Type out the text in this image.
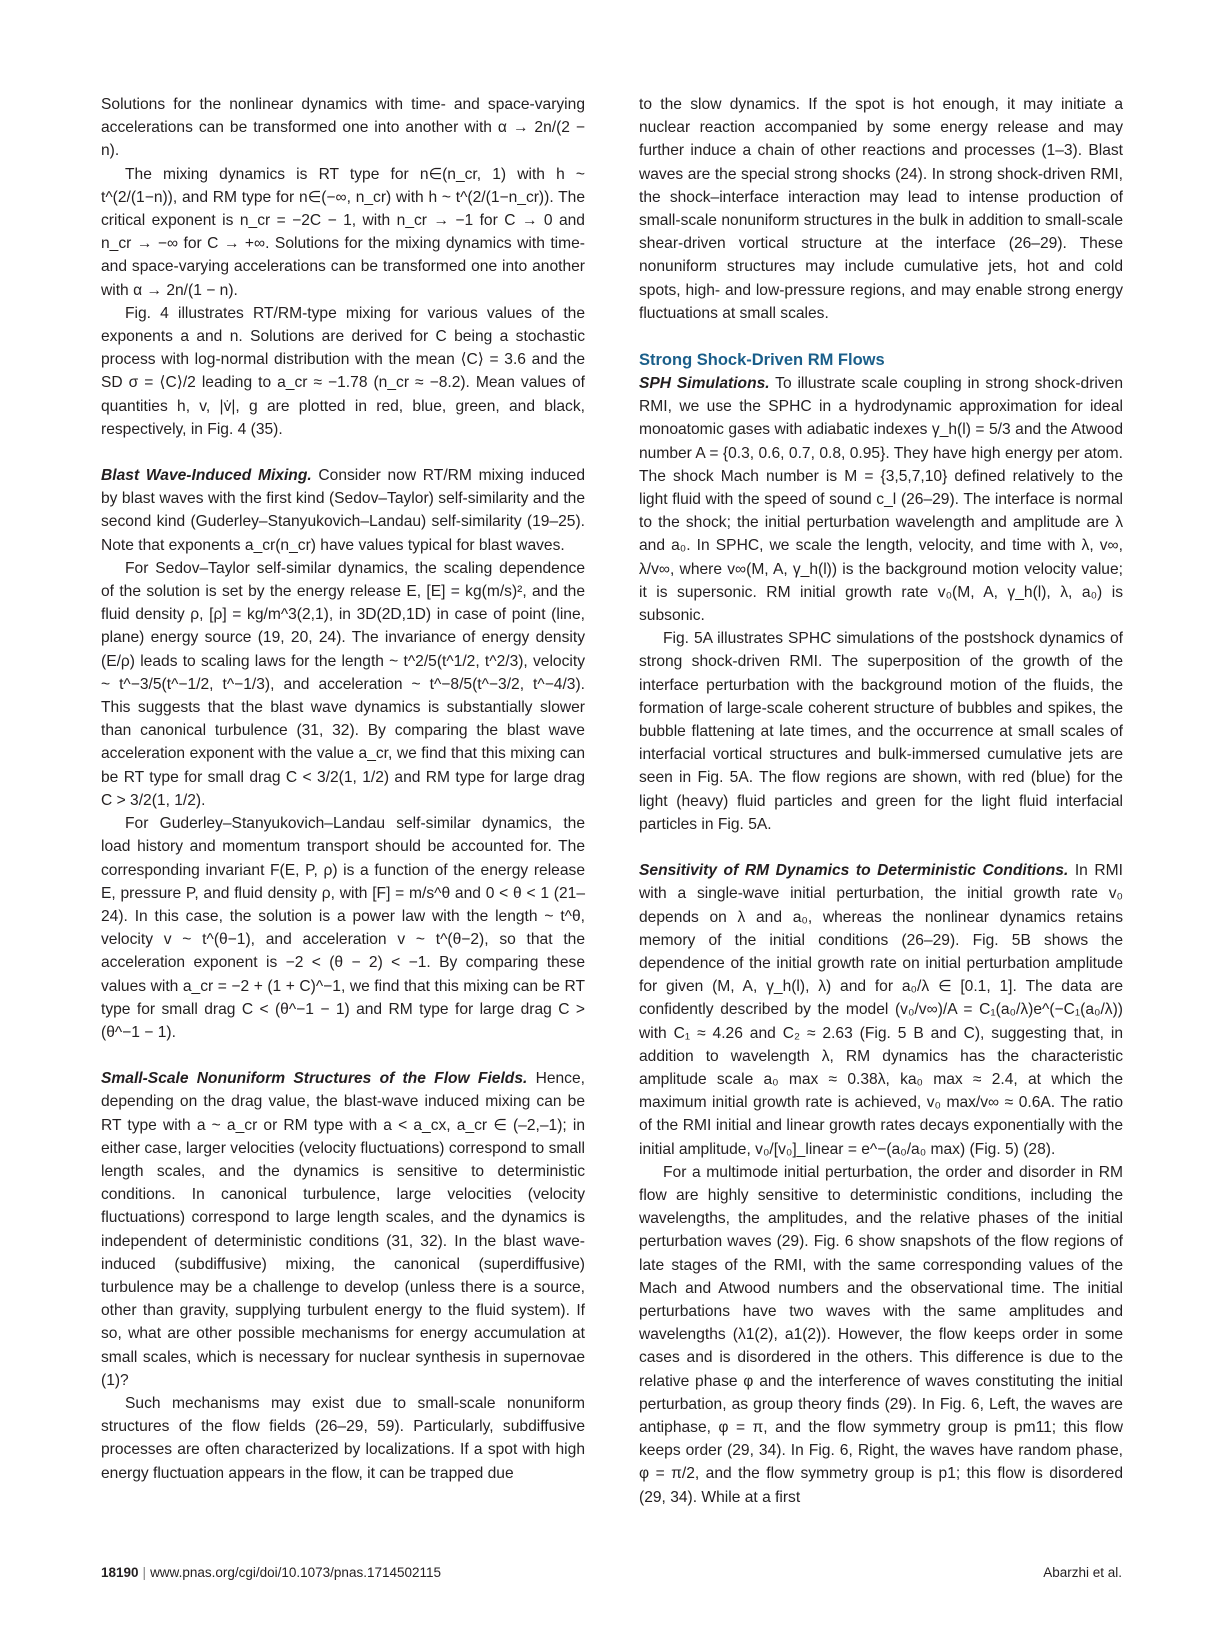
Solutions for the nonlinear dynamics with time- and space-varying accelerations can be transformed one into another with α → 2n/(2 − n).

The mixing dynamics is RT type for n∈(n_cr, 1) with h ~ t^(2/(1−n)), and RM type for n∈(−∞, n_cr) with h ~ t^(2/(1−n_cr)). The critical exponent is n_cr = −2C − 1, with n_cr → −1 for C → 0 and n_cr → −∞ for C → +∞. Solutions for the mixing dynamics with time- and space-varying accelerations can be transformed one into another with α → 2n/(1 − n).

Fig. 4 illustrates RT/RM-type mixing for various values of the exponents a and n. Solutions are derived for C being a stochastic process with log-normal distribution with the mean ⟨C⟩ = 3.6 and the SD σ = ⟨C⟩/2 leading to a_cr ≈ −1.78 (n_cr ≈ −8.2). Mean values of quantities h, v, |v̇|, g are plotted in red, blue, green, and black, respectively, in Fig. 4 (35).

Blast Wave-Induced Mixing. Consider now RT/RM mixing induced by blast waves with the first kind (Sedov–Taylor) self-similarity and the second kind (Guderley–Stanyukovich–Landau) self-similarity (19–25). Note that exponents a_cr(n_cr) have values typical for blast waves.

For Sedov–Taylor self-similar dynamics, the scaling dependence of the solution is set by the energy release E, [E] = kg(m/s)², and the fluid density ρ, [ρ] = kg/m^3(2,1), in 3D(2D,1D) in case of point (line, plane) energy source (19, 20, 24). The invariance of energy density (E/ρ) leads to scaling laws for the length ~ t^2/5(t^1/2, t^2/3), velocity ~ t^−3/5(t^−1/2, t^−1/3), and acceleration ~ t^−8/5(t^−3/2, t^−4/3). This suggests that the blast wave dynamics is substantially slower than canonical turbulence (31, 32). By comparing the blast wave acceleration exponent with the value a_cr, we find that this mixing can be RT type for small drag C < 3/2(1, 1/2) and RM type for large drag C > 3/2(1, 1/2).

For Guderley–Stanyukovich–Landau self-similar dynamics, the load history and momentum transport should be accounted for. The corresponding invariant F(E, P, ρ) is a function of the energy release E, pressure P, and fluid density ρ, with [F] = m/s^θ and 0 < θ < 1 (21–24). In this case, the solution is a power law with the length ~ t^θ, velocity v ~ t^(θ−1), and acceleration v ~ t^(θ−2), so that the acceleration exponent is −2 < (θ − 2) < −1. By comparing these values with a_cr = −2 + (1 + C)^−1, we find that this mixing can be RT type for small drag C < (θ^−1 − 1) and RM type for large drag C > (θ^−1 − 1).

Small-Scale Nonuniform Structures of the Flow Fields. Hence, depending on the drag value, the blast-wave induced mixing can be RT type with a ~ a_cr or RM type with a < a_cx, a_cr ∈ (–2,–1); in either case, larger velocities (velocity fluctuations) correspond to small length scales, and the dynamics is sensitive to deterministic conditions. In canonical turbulence, large velocities (velocity fluctuations) correspond to large length scales, and the dynamics is independent of deterministic conditions (31, 32). In the blast wave-induced (subdiffusive) mixing, the canonical (superdiffusive) turbulence may be a challenge to develop (unless there is a source, other than gravity, supplying turbulent energy to the fluid system). If so, what are other possible mechanisms for energy accumulation at small scales, which is necessary for nuclear synthesis in supernovae (1)?

Such mechanisms may exist due to small-scale nonuniform structures of the flow fields (26–29, 59). Particularly, subdiffusive processes are often characterized by localizations. If a spot with high energy fluctuation appears in the flow, it can be trapped due

to the slow dynamics. If the spot is hot enough, it may initiate a nuclear reaction accompanied by some energy release and may further induce a chain of other reactions and processes (1–3). Blast waves are the special strong shocks (24). In strong shock-driven RMI, the shock–interface interaction may lead to intense production of small-scale nonuniform structures in the bulk in addition to small-scale shear-driven vortical structure at the interface (26–29). These nonuniform structures may include cumulative jets, hot and cold spots, high- and low-pressure regions, and may enable strong energy fluctuations at small scales.

Strong Shock-Driven RM Flows

SPH Simulations. To illustrate scale coupling in strong shock-driven RMI, we use the SPHC in a hydrodynamic approximation for ideal monoatomic gases with adiabatic indexes γ_h(l) = 5/3 and the Atwood number A = {0.3, 0.6, 0.7, 0.8, 0.95}. They have high energy per atom. The shock Mach number is M = {3,5,7,10} defined relatively to the light fluid with the speed of sound c_l (26–29). The interface is normal to the shock; the initial perturbation wavelength and amplitude are λ and a₀. In SPHC, we scale the length, velocity, and time with λ, v∞, λ/v∞, where v∞(M, A, γ_h(l)) is the background motion velocity value; it is supersonic. RM initial growth rate v₀(M, A, γ_h(l), λ, a₀) is subsonic.

Fig. 5A illustrates SPHC simulations of the postshock dynamics of strong shock-driven RMI. The superposition of the growth of the interface perturbation with the background motion of the fluids, the formation of large-scale coherent structure of bubbles and spikes, the bubble flattening at late times, and the occurrence at small scales of interfacial vortical structures and bulk-immersed cumulative jets are seen in Fig. 5A. The flow regions are shown, with red (blue) for the light (heavy) fluid particles and green for the light fluid interfacial particles in Fig. 5A.

Sensitivity of RM Dynamics to Deterministic Conditions. In RMI with a single-wave initial perturbation, the initial growth rate v₀ depends on λ and a₀, whereas the nonlinear dynamics retains memory of the initial conditions (26–29). Fig. 5B shows the dependence of the initial growth rate on initial perturbation amplitude for given (M, A, γ_h(l), λ) and for a₀/λ ∈ [0.1, 1]. The data are confidently described by the model (v₀/v∞)/A = C₁(a₀/λ)e^(−C₁(a₀/λ)) with C₁ ≈ 4.26 and C₂ ≈ 2.63 (Fig. 5 B and C), suggesting that, in addition to wavelength λ, RM dynamics has the characteristic amplitude scale a₀ max ≈ 0.38λ, ka₀ max ≈ 2.4, at which the maximum initial growth rate is achieved, v₀ max/v∞ ≈ 0.6A. The ratio of the RMI initial and linear growth rates decays exponentially with the initial amplitude, v₀/[v₀]_linear = e^−(a₀/a₀ max) (Fig. 5) (28).

For a multimode initial perturbation, the order and disorder in RM flow are highly sensitive to deterministic conditions, including the wavelengths, the amplitudes, and the relative phases of the initial perturbation waves (29). Fig. 6 show snapshots of the flow regions of late stages of the RMI, with the same corresponding values of the Mach and Atwood numbers and the observational time. The initial perturbations have two waves with the same amplitudes and wavelengths (λ1(2), a1(2)). However, the flow keeps order in some cases and is disordered in the others. This difference is due to the relative phase φ and the interference of waves constituting the initial perturbation, as group theory finds (29). In Fig. 6, Left, the waves are antiphase, φ = π, and the flow symmetry group is pm11; this flow keeps order (29, 34). In Fig. 6, Right, the waves have random phase, φ = π/2, and the flow symmetry group is p1; this flow is disordered (29, 34). While at a first

18190 | www.pnas.org/cgi/doi/10.1073/pnas.1714502115	Abarzhi et al.
